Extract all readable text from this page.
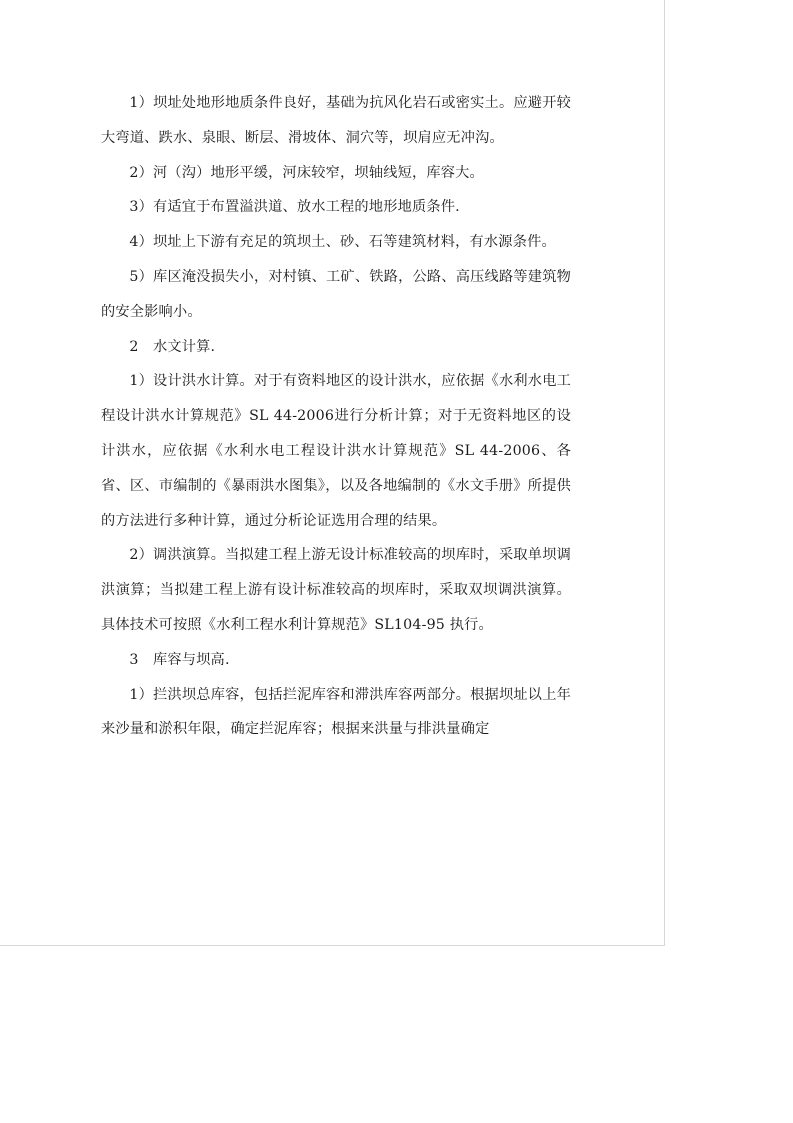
1）坝址处地形地质条件良好，基础为抗风化岩石或密实土。应避开较大弯道、跌水、泉眼、断层、滑坡体、洞穴等，坝肩应无冲沟。

2）河（沟）地形平缓，河床较窄，坝轴线短，库容大。

3）有适宜于布置溢洪道、放水工程的地形地质条件.

4）坝址上下游有充足的筑坝土、砂、石等建筑材料，有水源条件。

5）库区淹没损失小，对村镇、工矿、铁路，公路、高压线路等建筑物的安全影响小。

2　水文计算.

1）设计洪水计算。对于有资料地区的设计洪水，应依据《水利水电工程设计洪水计算规范》SL 44-2006进行分析计算；对于无资料地区的设计洪水，应依据《水利水电工程设计洪水计算规范》SL 44-2006、各省、区、市编制的《暴雨洪水图集》，以及各地编制的《水文手册》所提供的方法进行多种计算，通过分析论证选用合理的结果。

2）调洪演算。当拟建工程上游无设计标准较高的坝库时，采取单坝调洪演算；当拟建工程上游有设计标准较高的坝库时，采取双坝调洪演算。具体技术可按照《水利工程水利计算规范》SL104-95 执行。

3　库容与坝高.

1）拦洪坝总库容，包括拦泥库容和滞洪库容两部分。根据坝址以上年来沙量和淤积年限，确定拦泥库容；根据来洪量与排洪量确定
